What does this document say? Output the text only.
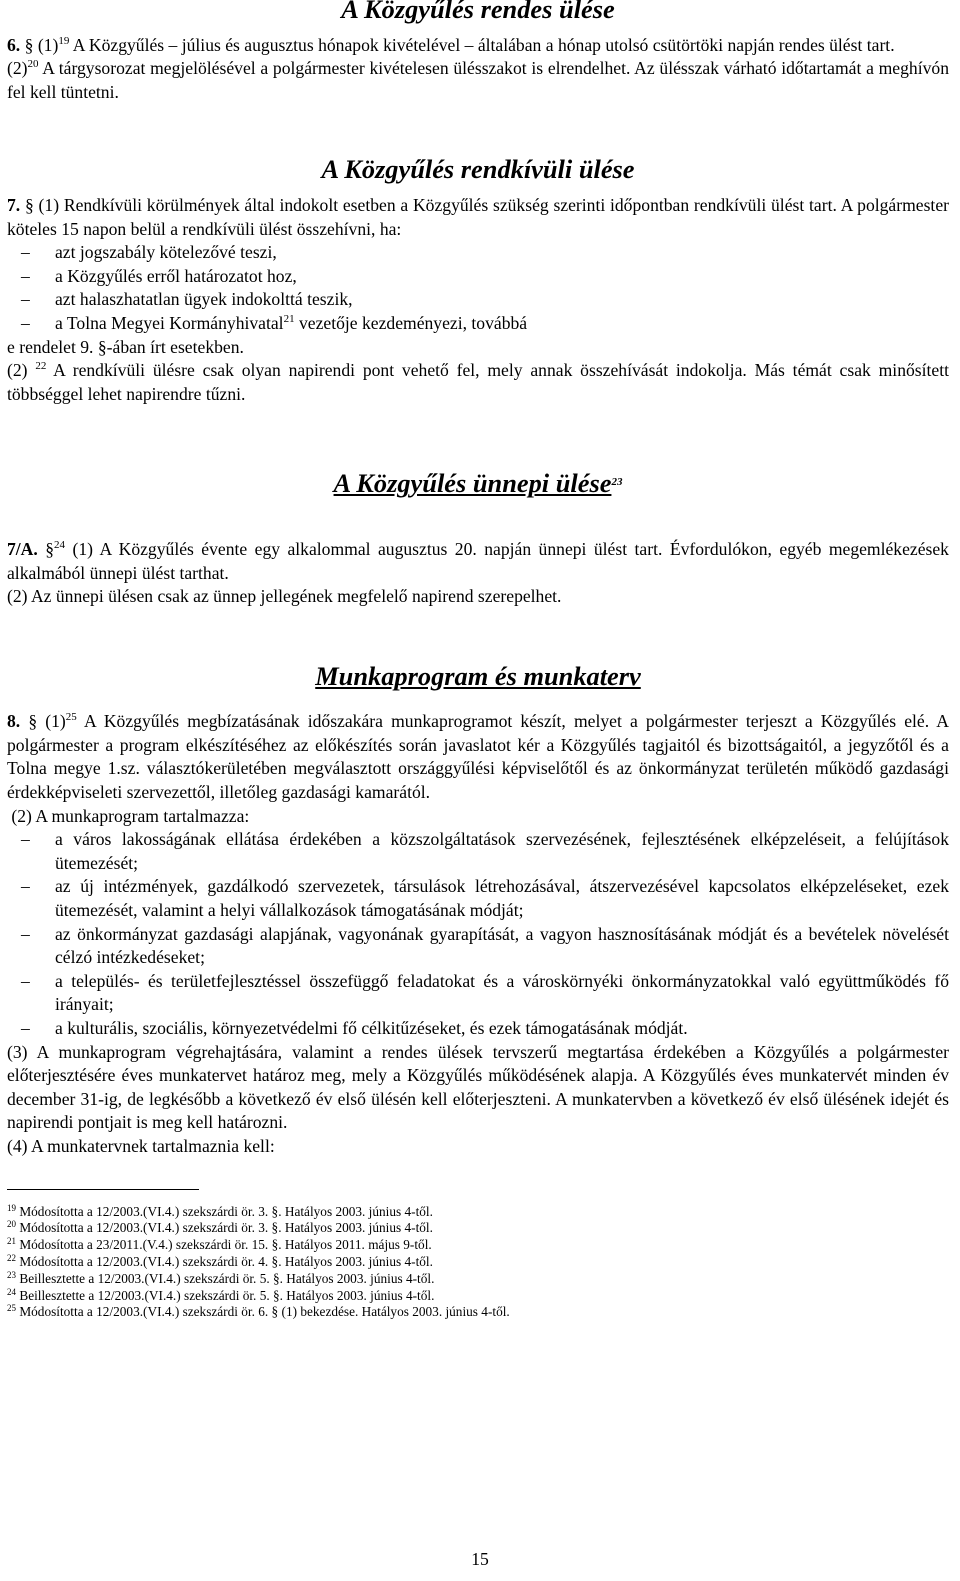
A Közgyűlés rendes ülése

6. § $(1)^{19}$ A Közgyűlés – július és augusztus hónapok kivételével – általában a hónap utolsó csütörtöki napján rendes ülést tart.

$(2)^{20}$ A tárgysorozat megjelölésével a polgármester kivételesen ülésszakot is elrendelhet. Az ülésszak várható időtartamát a meghívón fel kell tüntetni.

A Közgyűlés rendkívüli ülése

7. § (1) Rendkívüli körülmények által indokolt esetben a Közgyűlés szükség szerinti időpontban rendkívüli ülést tart. A polgármester köteles 15 napon belül a rendkívüli ülést összehívni, ha:

– azt jogszabály kötelezővé teszi,
– a Közgyűlés erről határozatot hoz,
– azt halaszhatatlan ügyek indokolttá teszik,
– a Tolna Megyei Kormányhivatal$^{21}$ vezetője kezdeményezi, továbbá

e rendelet 9. §-ában írt esetekben.

(2) $^{22}$ A rendkívüli ülésre csak olyan napirendi pont vehető fel, mely annak összehívását indokolja. Más témát csak minősített többséggel lehet napirendre tűzni.

A Közgyűlés ünnepi ülése$^{23}$

7/A. §$^{24}$ (1) A Közgyűlés évente egy alkalommal augusztus 20. napján ünnepi ülést tart. Évfordulókon, egyéb megemlékezések alkalmából ünnepi ülést tarthat.

(2) Az ünnepi ülésen csak az ünnep jellegének megfelelő napirend szerepelhet.

Munkaprogram és munkaterv

8. § $(1)^{25}$ A Közgyűlés megbízatásának időszakára munkaprogramot készít, melyet a polgármester terjeszt a Közgyűlés elé. A polgármester a program elkészítéséhez az előkészítés során javaslatot kér a Közgyűlés tagjaitól és bizottságaitól, a jegyzőtől és a Tolna megye 1.sz. választókerületében megválasztott országgyűlési képviselőtől és az önkormányzat területén működő gazdasági érdekképviseleti szervezettől, illetőleg gazdasági kamarától.

(2) A munkaprogram tartalmazza:

– a város lakosságának ellátása érdekében a közszolgáltatások szervezésének, fejlesztésének elképzeléseit, a felújítások ütemezését;
– az új intézmények, gazdálkodó szervezetek, társulások létrehozásával, átszervezésével kapcsolatos elképzeléseket, ezek ütemezését, valamint a helyi vállalkozások támogatásának módját;
– az önkormányzat gazdasági alapjának, vagyonának gyarapítását, a vagyon hasznosításának módját és a bevételek növelését célzó intézkedéseket;
– a település- és területfejlesztéssel összefüggő feladatokat és a városkörnyéki önkormányzatokkal való együttműködés fő irányait;
– a kulturális, szociális, környezetvédelmi fő célkitűzéseket, és ezek támogatásának módját.

(3) A munkaprogram végrehajtására, valamint a rendes ülések tervszerű megtartása érdekében a Közgyűlés a polgármester előterjesztésére éves munkatervet határoz meg, mely a Közgyűlés működésének alapja. A Közgyűlés éves munkatervét minden év december 31-ig, de legkésőbb a következő év első ülésén kell előterjeszteni. A munkatervben a következő év első ülésének idejét és napirendi pontjait is meg kell határozni.

(4) A munkatervnek tartalmaznia kell:

$^{19}$ Módosította a 12/2003.(VI.4.) szekszárdi ör. 3. §. Hatályos 2003. június 4-től.

$^{20}$ Módosította a 12/2003.(VI.4.) szekszárdi ör. 3. §. Hatályos 2003. június 4-től.

$^{21}$ Módosította a 23/2011.(V.4.) szekszárdi ör. 15. §. Hatályos 2011. május 9-től.

$^{22}$ Módosította a 12/2003.(VI.4.) szekszárdi ör. 4. §. Hatályos 2003. június 4-től.

$^{23}$ Beillesztette a 12/2003.(VI.4.) szekszárdi ör. 5. §. Hatályos 2003. június 4-től.

$^{24}$ Beillesztette a 12/2003.(VI.4.) szekszárdi ör. 5. §. Hatályos 2003. június 4-től.

$^{25}$ Módosította a 12/2003.(VI.4.) szekszárdi ör. 6. § (1) bekezdése. Hatályos 2003. június 4-től.

15
